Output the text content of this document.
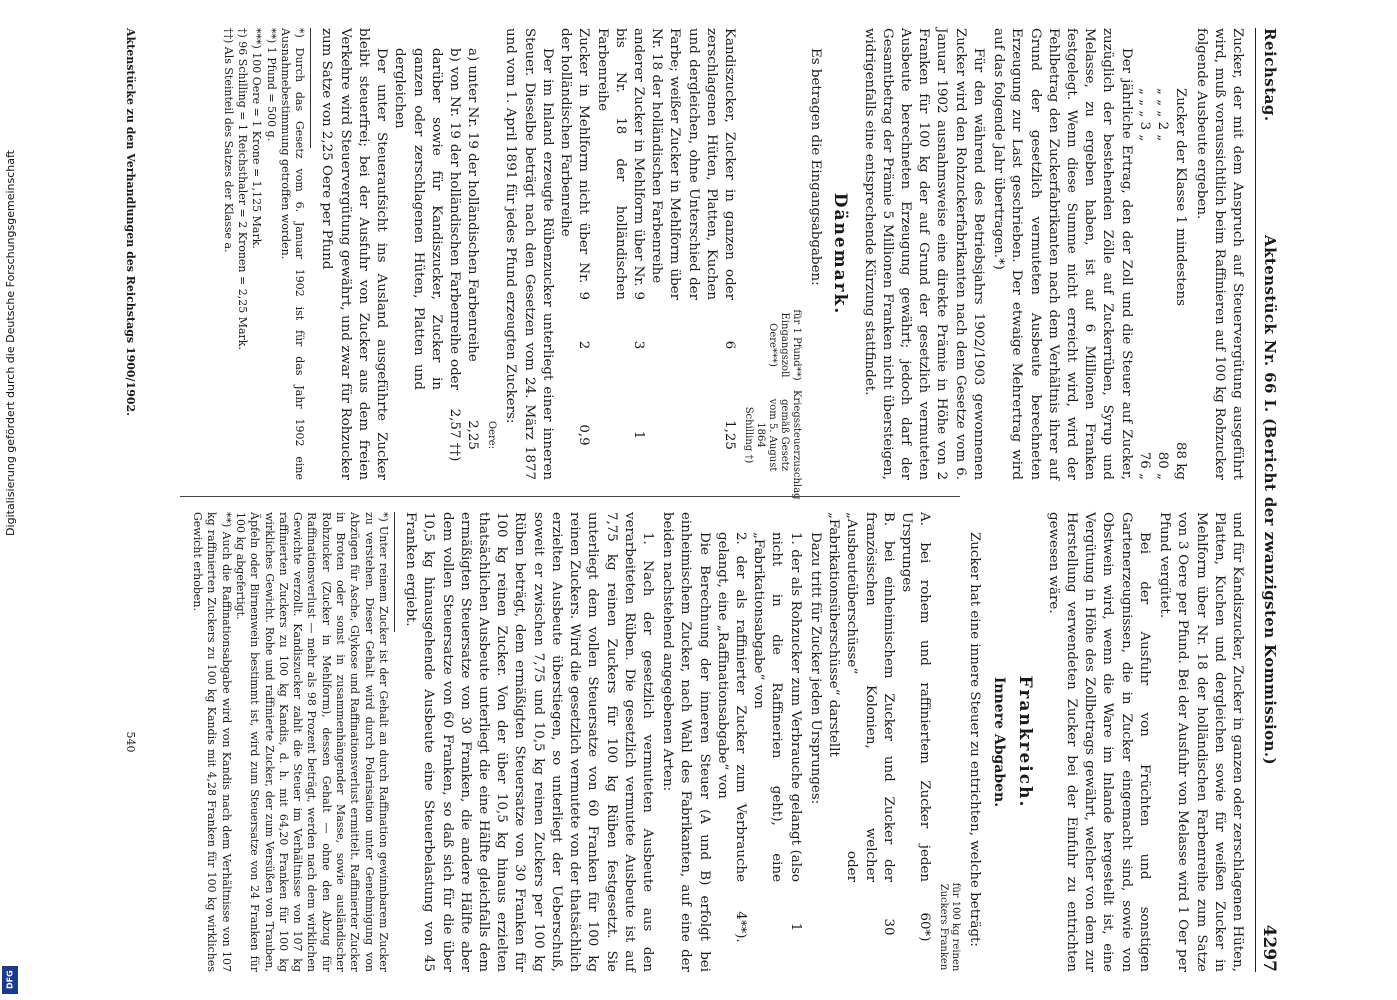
Digitalisierung gefördert durch die Deutsche Forschungsgemeinschaft
DFG
Reichstag.
Aktenstück Nr. 66 I. (Bericht der zwanzigsten Kommission.)
4297

Zucker, der mit dem Anspruch auf Steuervergütung ausgeführt wird, muß voraussichtlich beim Raffinieren auf 100 kg Rohzucker folgende Ausbeute ergeben.

Zucker der Klasse 1 mindestens
88 kg
„ „ „ 2 „
80 „
„ „ „ 3 „
76 „

Der jährliche Ertrag, den der Zoll und die Steuer auf Zucker, zuzüglich der bestehenden Zölle auf Zuckerrüben, Syrup und Melasse, zu ergeben haben, ist auf 6 Millionen Franken festgelegt. Wenn diese Summe nicht erreicht wird, wird der Fehlbetrag den Zuckerfabrikanten nach dem Verhältnis ihrer auf Grund der gesetzlich vermuteten Ausbeute berechneten Erzeugung zur Last geschrieben. Der etwaige Mehrertrag wird auf das folgende Jahr übertragen.*)

Für den während des Betriebsjahrs 1902/1903 gewonnenen Zucker wird den Rohzuckerfabrikanten nach dem Gesetze vom 6. Januar 1902 ausnahmsweise eine direkte Prämie in Höhe von 2 Franken für 100 kg der auf Grund der gesetzlich vermuteten Ausbeute berechneten Erzeugung gewährt; jedoch darf der Gesamtbetrag der Prämie 5 Millionen Franken nicht übersteigen, widrigenfalls eine entsprechende Kürzung stattfindet.

Dänemark.

Es betragen die Eingangsabgaben:

für 1 Pfund**)
Eingangszoll
Oere***)
Kriegssteuerzuschlag gemäß Gesetz vom 5. August 1864
Schilling †)
Kandiszucker, Zucker in ganzen oder zerschlagenen Hüten, Platten, Kuchen und dergleichen, ohne Unterschied der Farbe; weißer Zucker in Mehlform über Nr. 18 der holländischen Farbenreihe
6
1,25
anderer Zucker in Mehlform über Nr. 9 bis Nr. 18 der holländischen Farbenreihe
3
1
Zucker in Mehlform nicht über Nr. 9 der holländischen Farbenreihe
2
0,9

Der im Inland erzeugte Rübenzucker unterliegt einer inneren Steuer. Dieselbe beträgt nach den Gesetzen vom 24. März 1877 und vom 1. April 1891 für jedes Pfund erzeugten Zuckers:

Oere:
a) unter Nr. 19 der holländischen Farbenreihe
2,25
b) von Nr. 19 der holländischen Farbenreihe oder darüber sowie für Kandiszucker, Zucker in ganzen oder zerschlagenen Hüten, Platten und dergleichen
2,57 ††)

Der unter Steueraufsicht ins Ausland ausgeführte Zucker bleibt steuerfrei; bei der Ausfuhr von Zucker aus dem freien Verkehre wird Steuervergütung gewährt, und zwar für Rohzucker zum Satze von 2,25 Oere per Pfund

*) Durch das Gesetz vom 6. Januar 1902 ist für das Jahr 1902 eine Ausnahmebestimmung getroffen worden.

**) 1 Pfund = 500 g.

***) 100 Oere = 1 Krone = 1,125 Mark.

†) 96 Schilling = 1 Reichsthaler = 2 Kronen = 2,25 Mark.

††) Als Steinteil des Satzes der Klasse a.

Aktenstücke zu den Verhandlungen des Reichstags 1900/1902.

und für Kandiszucker, Zucker in ganzen oder zerschlagenen Hüten, Platten, Kuchen und dergleichen sowie für weißen Zucker in Mehlform über Nr. 18 der holländischen Farbenreihe zum Satze von 3 Oere per Pfund. Bei der Ausfuhr von Melasse wird 1 Oer per Pfund vergütet.

Bei der Ausfuhr von Früchten und sonstigen Gartenerzeugnissen, die in Zucker eingemacht sind, sowie von Obstwein wird, wenn die Ware im Inlande hergestellt ist, eine Vergütung in Höhe des Zollbetrags gewährt, welcher von dem zur Herstellung verwendeten Zucker bei der Einfuhr zu entrichten gewesen wäre.

Frankreich.
Innere Abgaben.

Zucker hat eine innere Steuer zu entrichten, welche beträgt:

für 100 kg reinen Zuckers Franken
A. bei rohem und raffiniertem Zucker jeden Ursprunges
60*)
B. bei einheimischem Zucker und Zucker der französischen Kolonien, welcher „Ausbeuteüberschüsse“ oder „Fabrikationsüberschüsse“ darstellt
30

Dazu tritt für Zucker jeden Ursprunges:

1. der als Rohzucker zum Verbrauche gelangt (also nicht in die Raffinerien geht), eine „Fabrikationsabgabe“ von
1
2. der als raffinierter Zucker zum Verbrauche gelangt, eine „Raffinationsabgabe“ von
4**).

Die Berechnung der inneren Steuer (A und B) erfolgt bei einheimischem Zucker, nach Wahl des Fabrikanten, auf eine der beiden nachstehend angegebenen Arten:

1. Nach der gesetzlich vermuteten Ausbeute aus den verarbeiteten Rüben. Die gesetzlich vermutete Ausbeute ist auf 7,75 kg reinen Zuckers für 100 kg Rüben festgesetzt. Sie unterliegt dem vollen Steuersatze von 60 Franken für 100 kg reinen Zuckers. Wird die gesetzlich vermutete von der thatsächlich erzielten Ausbeute überstiegen, so unterliegt der Ueberschuß, soweit er zwischen 7,75 und 10,5 kg reinen Zuckers per 100 kg Rüben beträgt, dem ermäßigten Steuersatze von 30 Franken für 100 kg reinen Zucker. Von der über 10,5 kg hinaus erzielten thatsächlichen Ausbeute unterliegt die eine Hälfte gleichfalls dem ermäßigten Steuersatze von 30 Franken, die andere Hälfte aber dem vollen Steuersatze von 60 Franken, so daß sich für die über 10,5 kg hinausgehende Ausbeute eine Steuerbelastung von 45 Franken ergiebt.

*) Unter reinem Zucker ist der Gehalt an durch Raffination gewinnbarem Zucker zu verstehen. Dieser Gehalt wird durch Polarisation unter Genehmigung von Abzügen für Asche, Glykose und Raffinationsverlust ermittelt. Raffinierter Zucker in Broten oder sonst in zusammenhängender Masse, sowie ausländischer Rohzucker (Zucker in Mehlform), dessen Gehalt — ohne den Abzug für Raffinationsverlust — mehr als 98 Prozent beträgt, werden nach dem wirklichen Gewichte verzollt. Kandiszucker zahlt die Steuer im Verhältnisse von 107 kg raffinierten Zuckers zu 100 kg Kandis, d. h. mit 64,20 Franken für 100 kg wirkliches Gewicht. Rohe und raffinierte Zucker, der zum Versüßen von Trauben, Äpfeln oder Birnenwein bestimmt ist, wird zum Steuersatze von 24 Franken für 100 kg abgefertigt.

**) Auch die Raffinationsabgabe wird von Kandis nach dem Verhältnisse von 107 kg raffinierten Zuckers zu 100 kg Kandis mit 4,28 Franken für 100 kg wirkliches Gewicht erhoben.

540
